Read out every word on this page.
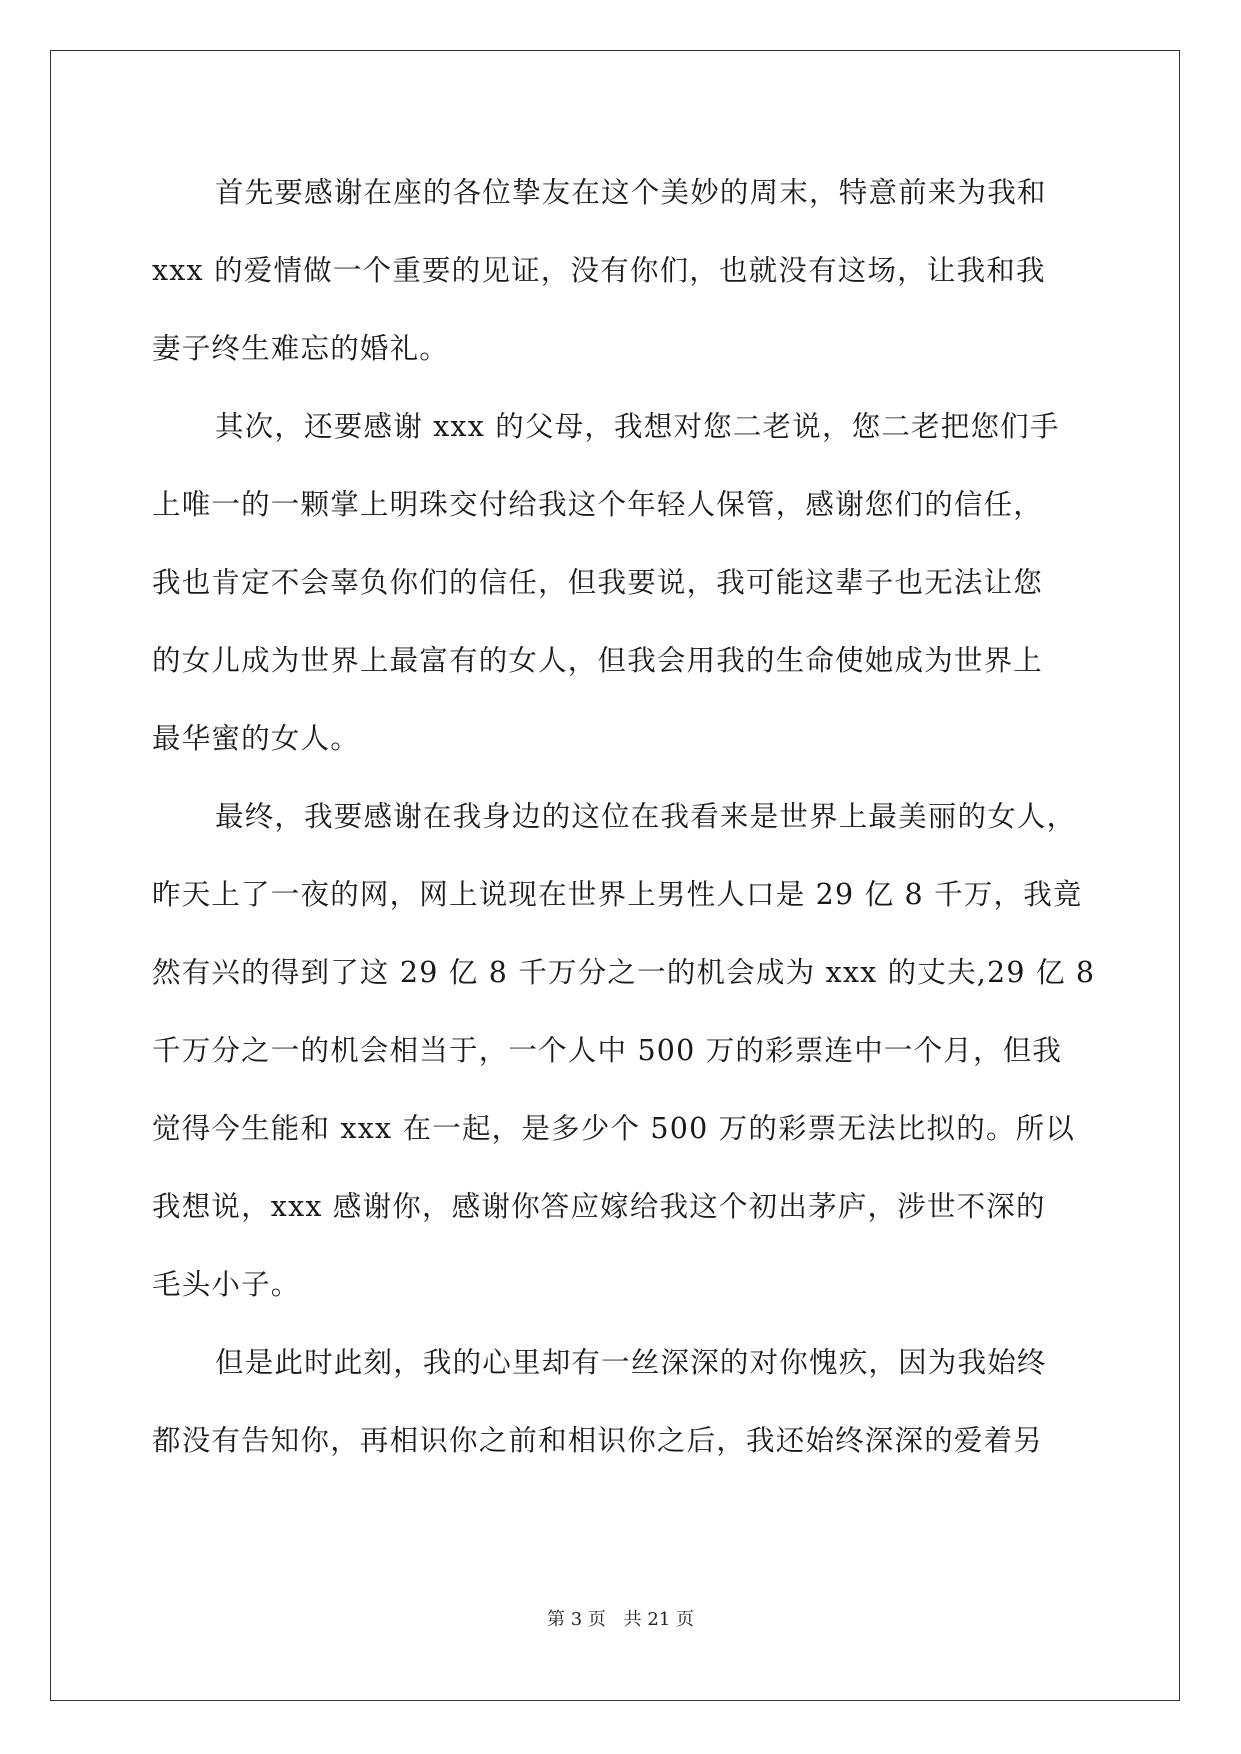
首先要感谢在座的各位挚友在这个美妙的周末，特意前来为我和
xxx 的爱情做一个重要的见证，没有你们，也就没有这场，让我和我
妻子终生难忘的婚礼。
其次，还要感谢 xxx 的父母，我想对您二老说，您二老把您们手
上唯一的一颗掌上明珠交付给我这个年轻人保管，感谢您们的信任，
我也肯定不会辜负你们的信任，但我要说，我可能这辈子也无法让您
的女儿成为世界上最富有的女人，但我会用我的生命使她成为世界上
最华蜜的女人。
最终，我要感谢在我身边的这位在我看来是世界上最美丽的女人，
昨天上了一夜的网，网上说现在世界上男性人口是 29 亿 8 千万，我竟
然有兴的得到了这 29 亿 8 千万分之一的机会成为 xxx 的丈夫,29 亿 8
千万分之一的机会相当于，一个人中 500 万的彩票连中一个月，但我
觉得今生能和 xxx 在一起，是多少个 500 万的彩票无法比拟的。所以
我想说，xxx 感谢你，感谢你答应嫁给我这个初出茅庐，涉世不深的
毛头小子。
但是此时此刻，我的心里却有一丝深深的对你愧疚，因为我始终
都没有告知你，再相识你之前和相识你之后，我还始终深深的爱着另
第 3 页 共 21 页
